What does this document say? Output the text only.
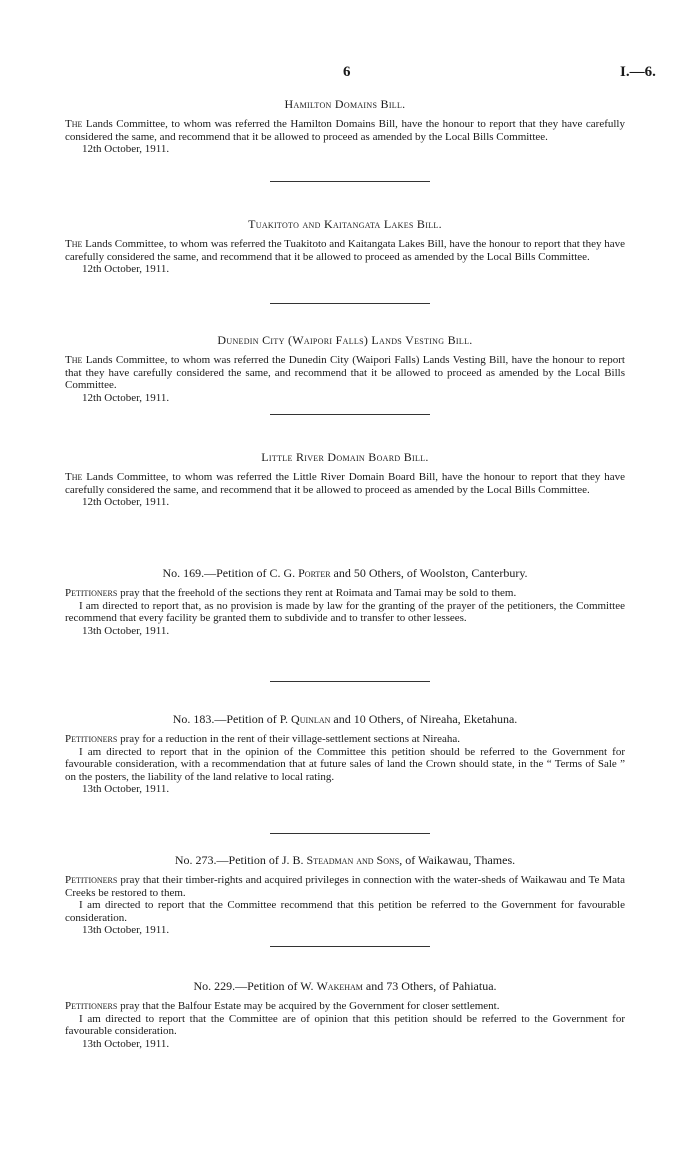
6	I.—6.
Hamilton Domains Bill.

The Lands Committee, to whom was referred the Hamilton Domains Bill, have the honour to report that they have carefully considered the same, and recommend that it be allowed to proceed as amended by the Local Bills Committee.

12th October, 1911.

Tuakitoto and Kaitangata Lakes Bill.

The Lands Committee, to whom was referred the Tuakitoto and Kaitangata Lakes Bill, have the honour to report that they have carefully considered the same, and recommend that it be allowed to proceed as amended by the Local Bills Committee.

12th October, 1911.

Dunedin City (Waipori Falls) Lands Vesting Bill.

The Lands Committee, to whom was referred the Dunedin City (Waipori Falls) Lands Vesting Bill, have the honour to report that they have carefully considered the same, and recommend that it be allowed to proceed as amended by the Local Bills Committee.

12th October, 1911.

Little River Domain Board Bill.

The Lands Committee, to whom was referred the Little River Domain Board Bill, have the honour to report that they have carefully considered the same, and recommend that it be allowed to proceed as amended by the Local Bills Committee.

12th October, 1911.

No. 169.—Petition of C. G. Porter and 50 Others, of Woolston, Canterbury.

Petitioners pray that the freehold of the sections they rent at Roimata and Tamai may be sold to them.

I am directed to report that, as no provision is made by law for the granting of the prayer of the petitioners, the Committee recommend that every facility be granted them to subdivide and to transfer to other lessees.

13th October, 1911.

No. 183.—Petition of P. Quinlan and 10 Others, of Nireaha, Eketahuna.

Petitioners pray for a reduction in the rent of their village-settlement sections at Nireaha.

I am directed to report that in the opinion of the Committee this petition should be referred to the Government for favourable consideration, with a recommendation that at future sales of land the Crown should state, in the “ Terms of Sale ” on the posters, the liability of the land relative to local rating.

13th October, 1911.

No. 273.—Petition of J. B. Steadman and Sons, of Waikawau, Thames.

Petitioners pray that their timber-rights and acquired privileges in connection with the water-sheds of Waikawau and Te Mata Creeks be restored to them.

I am directed to report that the Committee recommend that this petition be referred to the Government for favourable consideration.

13th October, 1911.

No. 229.—Petition of W. Wakeham and 73 Others, of Pahiatua.

Petitioners pray that the Balfour Estate may be acquired by the Government for closer settlement.

I am directed to report that the Committee are of opinion that this petition should be referred to the Government for favourable consideration.

13th October, 1911.
